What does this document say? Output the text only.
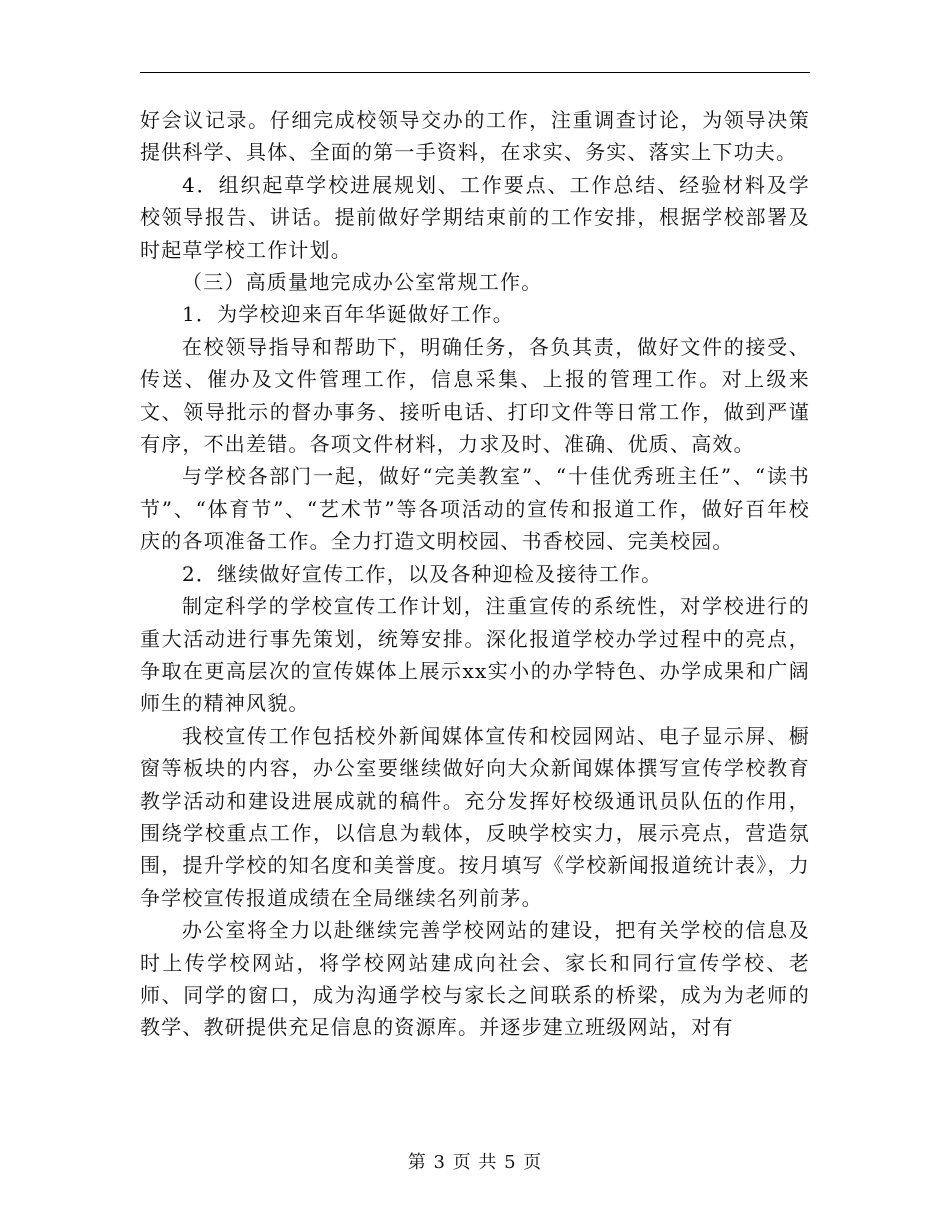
好会议记录。仔细完成校领导交办的工作，注重调查讨论，为领导决策提供科学、具体、全面的第一手资料，在求实、务实、落实上下功夫。

4．组织起草学校进展规划、工作要点、工作总结、经验材料及学校领导报告、讲话。提前做好学期结束前的工作安排，根据学校部署及时起草学校工作计划。

（三）高质量地完成办公室常规工作。

1．为学校迎来百年华诞做好工作。

在校领导指导和帮助下，明确任务，各负其责，做好文件的接受、传送、催办及文件管理工作，信息采集、上报的管理工作。对上级来文、领导批示的督办事务、接听电话、打印文件等日常工作，做到严谨有序，不出差错。各项文件材料，力求及时、准确、优质、高效。

与学校各部门一起，做好“完美教室”、“十佳优秀班主任”、“读书节”、“体育节”、“艺术节”等各项活动的宣传和报道工作，做好百年校庆的各项准备工作。全力打造文明校园、书香校园、完美校园。

2．继续做好宣传工作，以及各种迎检及接待工作。

制定科学的学校宣传工作计划，注重宣传的系统性，对学校进行的重大活动进行事先策划，统筹安排。深化报道学校办学过程中的亮点，争取在更高层次的宣传媒体上展示xx实小的办学特色、办学成果和广阔师生的精神风貌。

我校宣传工作包括校外新闻媒体宣传和校园网站、电子显示屏、橱窗等板块的内容，办公室要继续做好向大众新闻媒体撰写宣传学校教育教学活动和建设进展成就的稿件。充分发挥好校级通讯员队伍的作用，围绕学校重点工作，以信息为载体，反映学校实力，展示亮点，营造氛围，提升学校的知名度和美誉度。按月填写《学校新闻报道统计表》，力争学校宣传报道成绩在全局继续名列前茅。

办公室将全力以赴继续完善学校网站的建设，把有关学校的信息及时上传学校网站，将学校网站建成向社会、家长和同行宣传学校、老师、同学的窗口，成为沟通学校与家长之间联系的桥梁，成为为老师的教学、教研提供充足信息的资源库。并逐步建立班级网站，对有

第 3 页 共 5 页
